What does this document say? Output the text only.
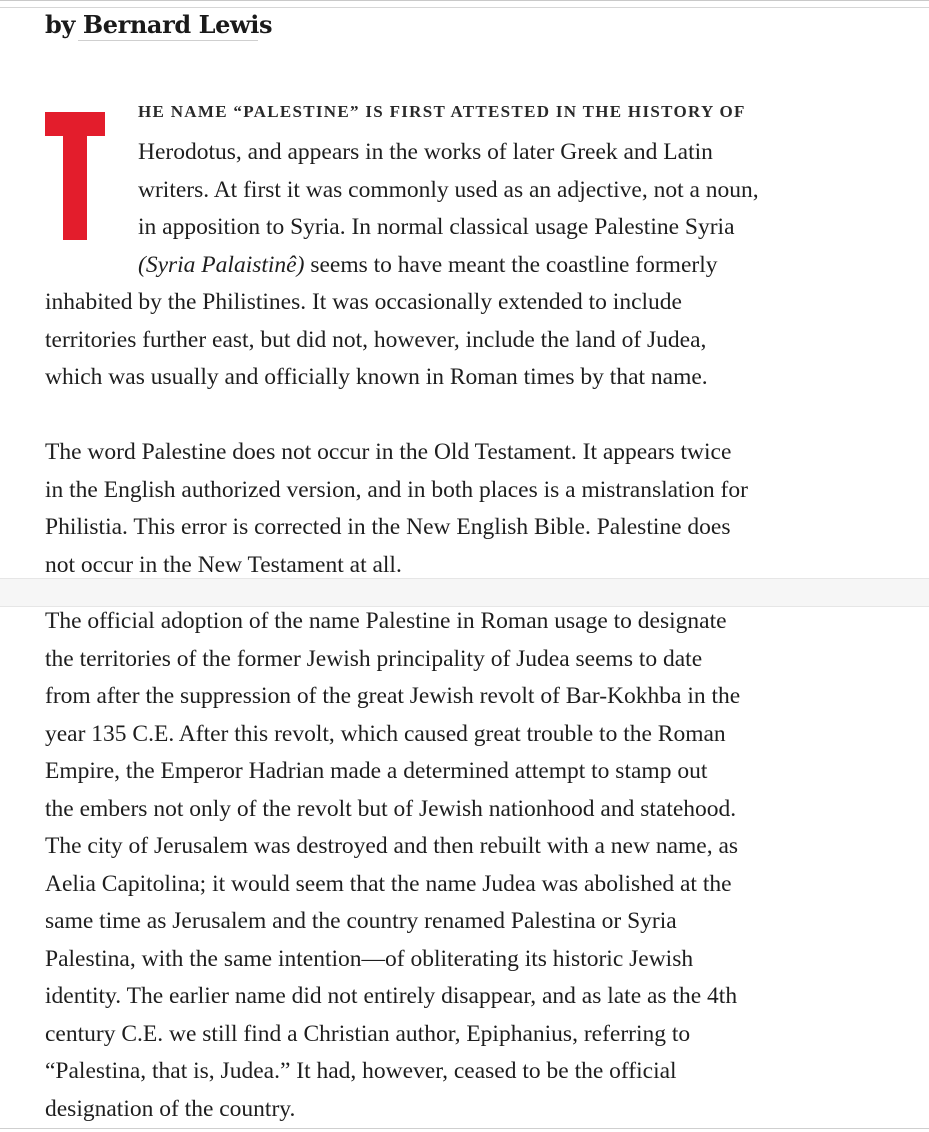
by Bernard Lewis
HE NAME “PALESTINE” IS FIRST ATTESTED IN THE HISTORY OF
Herodotus, and appears in the works of later Greek and Latin
writers. At first it was commonly used as an adjective, not a noun,
in apposition to Syria. In normal classical usage Palestine Syria
(Syria Palaistinê) seems to have meant the coastline formerly
inhabited by the Philistines. It was occasionally extended to include
territories further east, but did not, however, include the land of Judea,
which was usually and officially known in Roman times by that name.
The word Palestine does not occur in the Old Testament. It appears twice
in the English authorized version, and in both places is a mistranslation for
Philistia. This error is corrected in the New English Bible. Palestine does
not occur in the New Testament at all.
The official adoption of the name Palestine in Roman usage to designate
the territories of the former Jewish principality of Judea seems to date
from after the suppression of the great Jewish revolt of Bar-Kokhba in the
year 135 C.E. After this revolt, which caused great trouble to the Roman
Empire, the Emperor Hadrian made a determined attempt to stamp out
the embers not only of the revolt but of Jewish nationhood and statehood.
The city of Jerusalem was destroyed and then rebuilt with a new name, as
Aelia Capitolina; it would seem that the name Judea was abolished at the
same time as Jerusalem and the country renamed Palestina or Syria
Palestina, with the same intention—of obliterating its historic Jewish
identity. The earlier name did not entirely disappear, and as late as the 4th
century C.E. we still find a Christian author, Epiphanius, referring to
“Palestina, that is, Judea.” It had, however, ceased to be the official
designation of the country.
